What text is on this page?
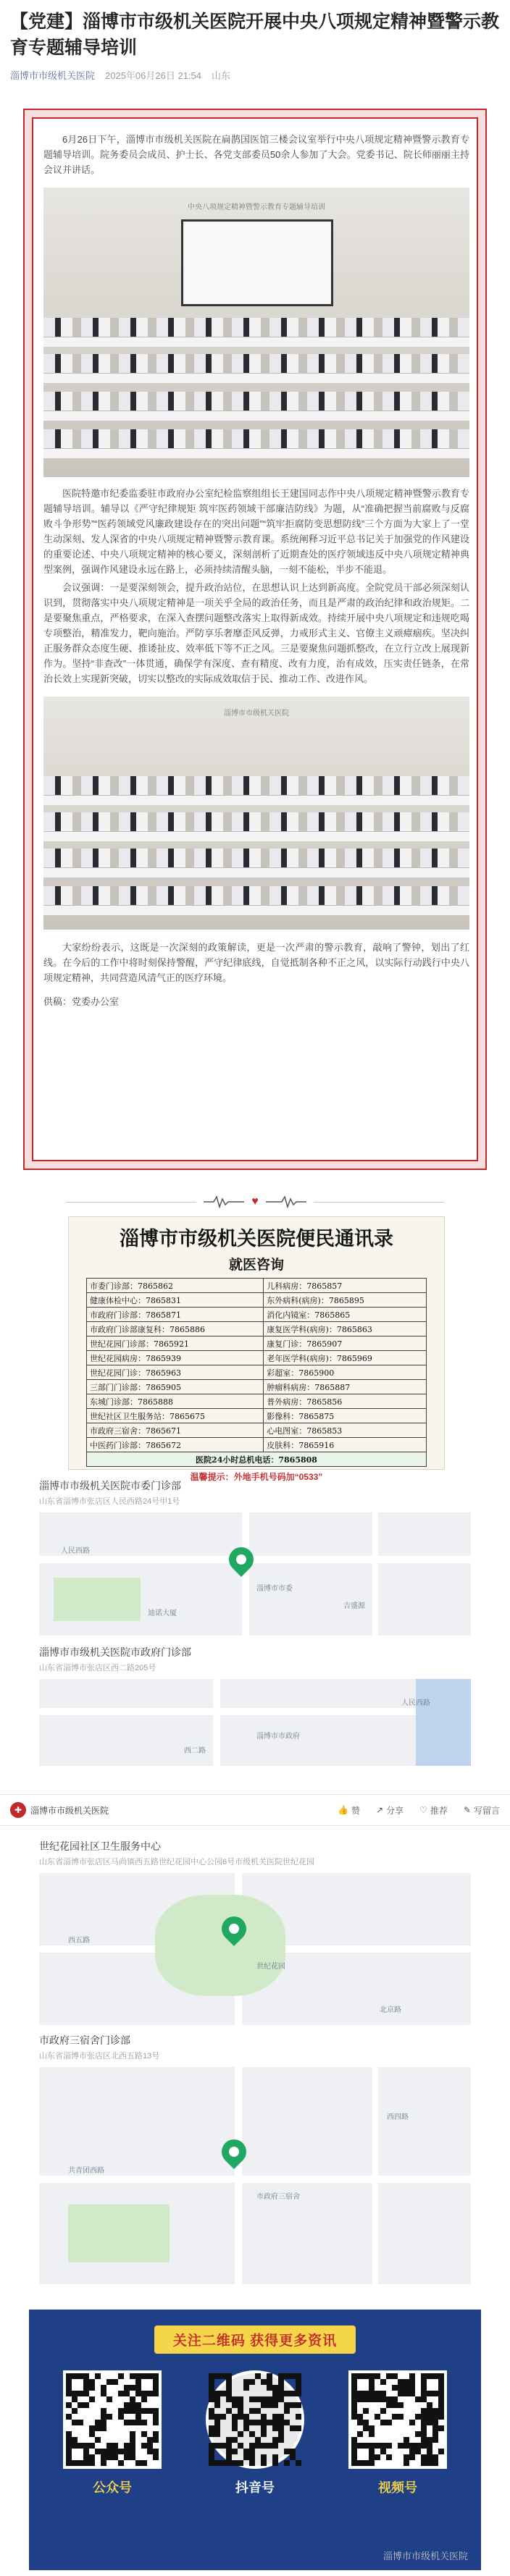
【党建】淄博市市级机关医院开展中央八项规定精神暨警示教育专题辅导培训
淄博市市级机关医院 2025年06月26日 21:54 山东

6月26日下午，淄博市市级机关医院在扁鹊国医馆三楼会议室举行中央八项规定精神暨警示教育专题辅导培训。院务委员会成员、护士长、各党支部委员50余人参加了大会。党委书记、院长师丽丽主持会议并讲话。

中央八项规定精神暨警示教育专题辅导培训

医院特邀市纪委监委驻市政府办公室纪检监察组组长王建国同志作中央八项规定精神暨警示教育专题辅导培训。辅导以《严守纪律规矩 筑牢医药领域干部廉洁防线》为题，从“准确把握当前腐败与反腐败斗争形势”“医药领域党风廉政建设存在的突出问题”“筑牢拒腐防变思想防线”三个方面为大家上了一堂生动深刻、发人深省的中央八项规定精神暨警示教育课。系统阐释习近平总书记关于加强党的作风建设的重要论述、中央八项规定精神的核心要义，深刻剖析了近期查处的医疗领域违反中央八项规定精神典型案例，强调作风建设永远在路上，必须持续清醒头脑，一刻不能松，半步不能退。

会议强调：一是要深刻领会，提升政治站位，在思想认识上达到新高度。全院党员干部必须深刻认识到，贯彻落实中央八项规定精神是一项关乎全局的政治任务，而且是严肃的政治纪律和政治规矩。二是要聚焦重点，严格要求，在深入查摆问题整改落实上取得新成效。持续开展中央八项规定和违规吃喝专项整治，精准发力，靶向施治。严防享乐奢靡歪风反弹，力戒形式主义、官僚主义顽瘴痼疾。坚决纠正服务群众态度生硬、推诿扯皮、效率低下等不正之风。三是要聚焦问题抓整改，在立行立改上展现新作为。坚持“非查改”一体贯通，确保学有深度、查有精度、改有力度，治有成效，压实责任链条，在常治长效上实现新突破，切实以整改的实际成效取信于民、推动工作、改进作风。

淄博市市级机关医院

大家纷纷表示，这既是一次深刻的政策解读，更是一次严肃的警示教育，敲响了警钟，划出了红线。在今后的工作中将时刻保持警醒，严守纪律底线，自觉抵制各种不正之风，以实际行动践行中央八项规定精神，共同营造风清气正的医疗环境。

供稿：党委办公室

♥
淄博市市级机关医院便民通讯录
就医咨询
市委门诊部：7865862	儿科病房：7865857
健康体检中心：7865831	东外病科(病房)：7865895
市政府门诊部：7865871	消化内镜室：7865865
市政府门诊部康复科：7865886	康复医学科(病房)：7865863
世纪花园门诊部：7865921	康复门诊：7865907
世纪花园病房：7865939	老年医学科(病房)：7865969
世纪花园门诊：7865963	彩超室：7865900
三部门门诊部：7865905	肿瘤科病房：7865887
东城门诊部：7865888	普外病房：7865856
世纪社区卫生服务站：7865675	影像科：7865875
市政府三宿舍：7865671	心电图室：7865853
中医药门诊部：7865672	皮肤科：7865916
医院24小时总机电话：7865808	
温馨提示：外地手机号码加“0533”
淄博市市级机关医院市委门诊部
山东省淄博市张店区人民西路24号甲1号
淄博市市委
人民西路
吉盛源
迪诺大厦
淄博市市级机关医院市政府门诊部
山东省淄博市张店区西二路205号
人民西路
淄博市市政府
西二路
✚ 淄博市市级机关医院	👍 赞 ↗ 分享 ♡ 推荐 ✎ 写留言
世纪花园社区卫生服务中心
山东省淄博市张店区马尚镇西五路世纪花园中心公园6号市级机关医院世纪花园
世纪花园
西五路
北京路
市政府三宿舍门诊部
山东省淄博市张店区北西五路13号
市政府三宿舍
共青团西路
西四路
关注二维码 获得更多资讯
公众号	抖音号	视频号
淄博市市级机关医院
